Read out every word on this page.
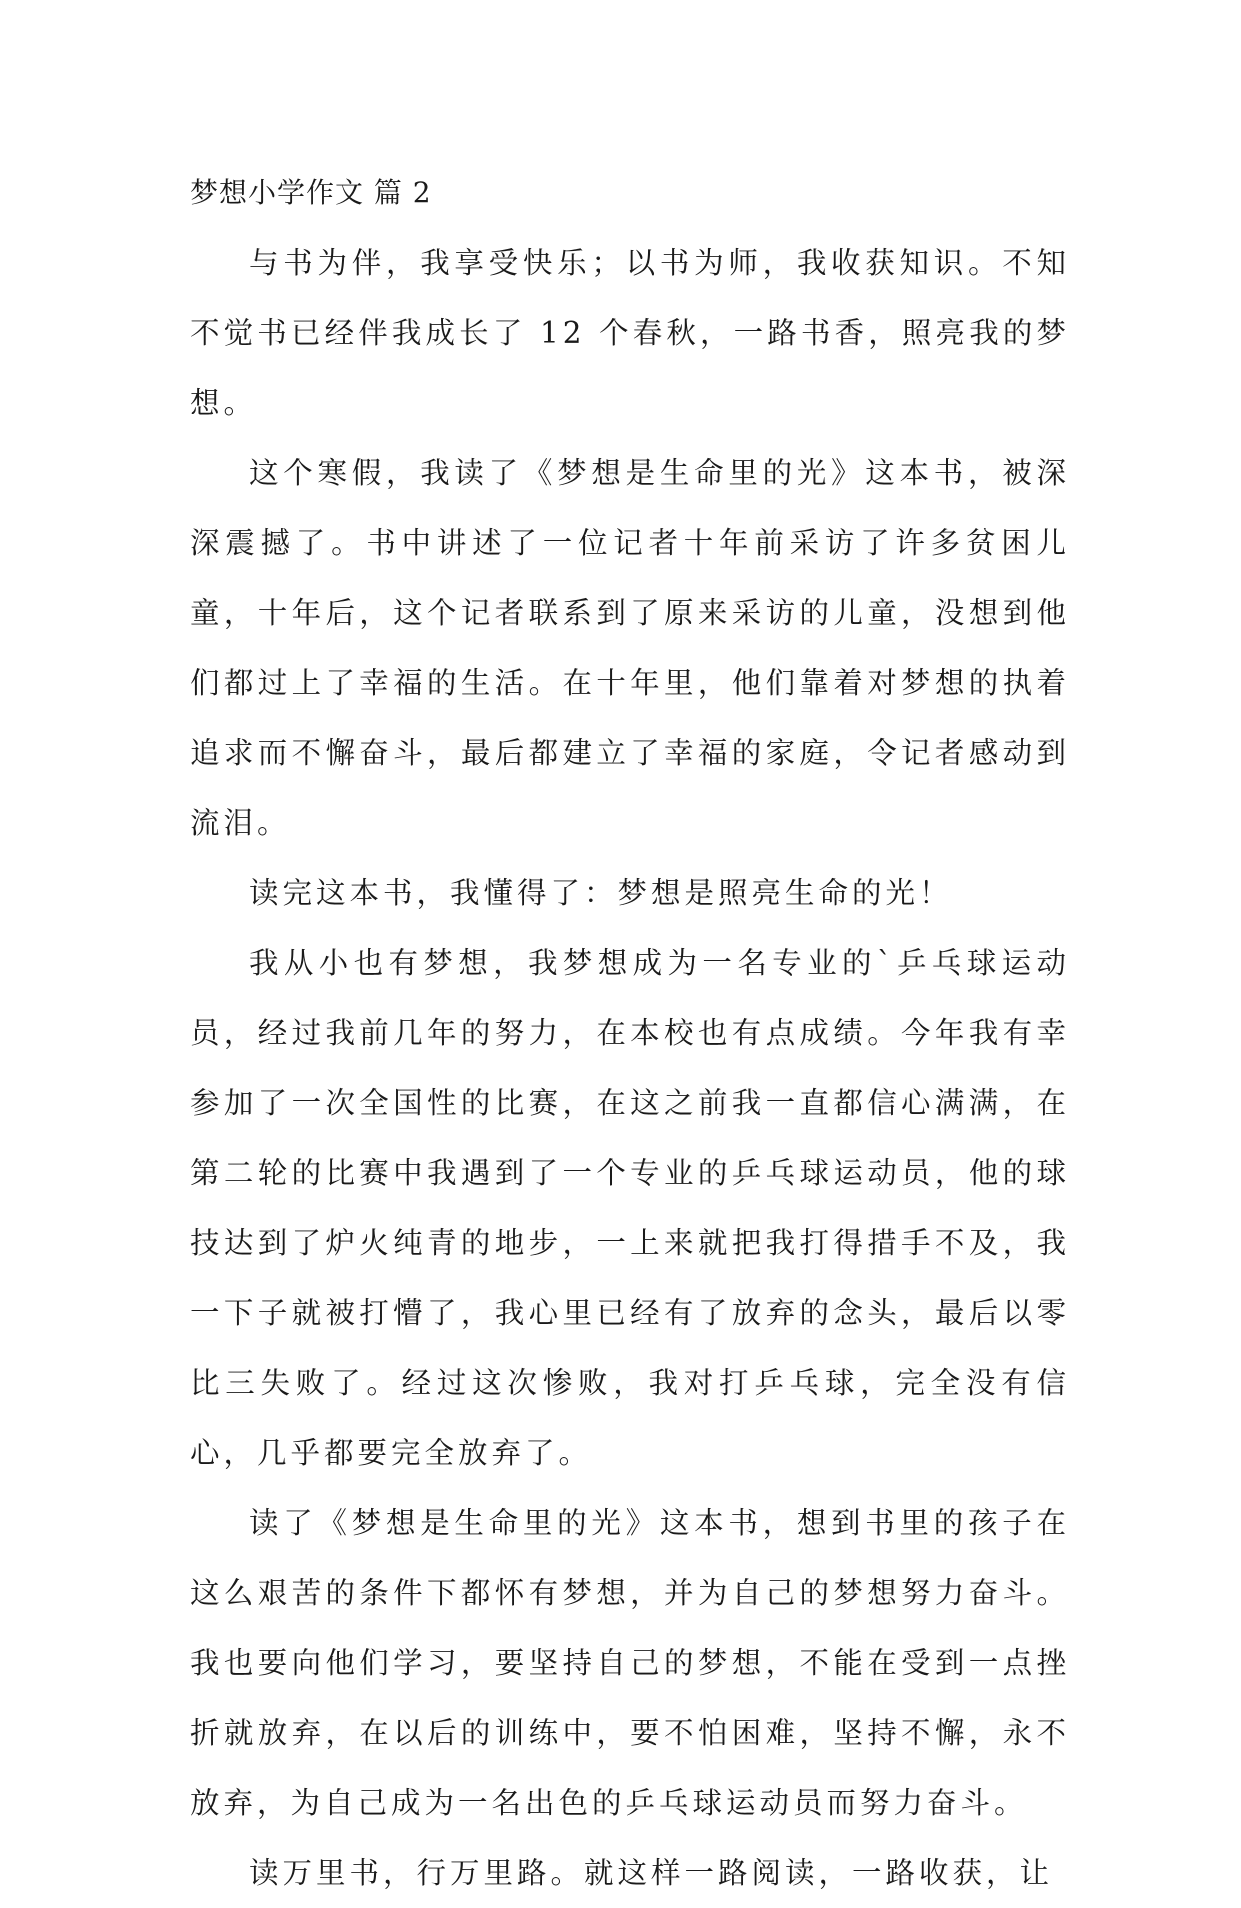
梦想小学作文 篇 2

与书为伴，我享受快乐；以书为师，我收获知识。不知不觉书已经伴我成长了 12 个春秋，一路书香，照亮我的梦想。

这个寒假，我读了《梦想是生命里的光》这本书，被深深震撼了。书中讲述了一位记者十年前采访了许多贫困儿童，十年后，这个记者联系到了原来采访的儿童，没想到他们都过上了幸福的生活。在十年里，他们靠着对梦想的执着追求而不懈奋斗，最后都建立了幸福的家庭，令记者感动到流泪。

读完这本书，我懂得了：梦想是照亮生命的光！

我从小也有梦想，我梦想成为一名专业的`乒乓球运动员，经过我前几年的努力，在本校也有点成绩。今年我有幸参加了一次全国性的比赛，在这之前我一直都信心满满，在第二轮的比赛中我遇到了一个专业的乒乓球运动员，他的球技达到了炉火纯青的地步，一上来就把我打得措手不及，我一下子就被打懵了，我心里已经有了放弃的念头，最后以零比三失败了。经过这次惨败，我对打乒乓球，完全没有信心，几乎都要完全放弃了。

读了《梦想是生命里的光》这本书，想到书里的孩子在这么艰苦的条件下都怀有梦想，并为自己的梦想努力奋斗。我也要向他们学习，要坚持自己的梦想，不能在受到一点挫折就放弃，在以后的训练中，要不怕困难，坚持不懈，永不放弃，为自己成为一名出色的乒乓球运动员而努力奋斗。

读万里书，行万里路。就这样一路阅读，一路收获，让
